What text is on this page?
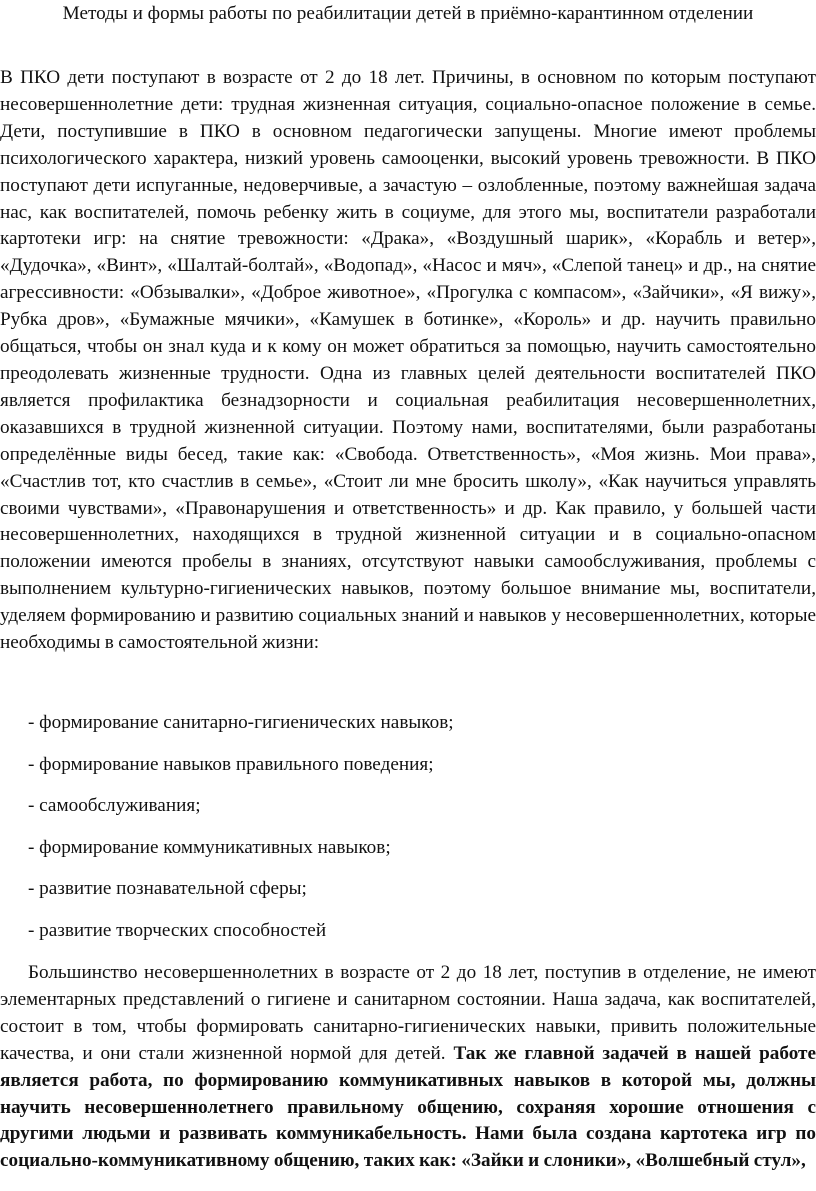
Методы и формы работы по реабилитации детей в приёмно-карантинном отделении
В ПКО дети поступают в возрасте от 2 до 18 лет. Причины, в основном по которым поступают несовершеннолетние дети: трудная жизненная ситуация, социально-опасное положение в семье. Дети, поступившие в ПКО в основном педагогически запущены. Многие имеют проблемы психологического характера, низкий уровень самооценки, высокий уровень тревожности. В ПКО поступают дети испуганные, недоверчивые, а зачастую – озлобленные, поэтому важнейшая задача нас, как воспитателей, помочь ребенку жить в социуме, для этого мы, воспитатели разработали картотеки игр: на снятие тревожности: «Драка», «Воздушный шарик», «Корабль и ветер», «Дудочка», «Винт», «Шалтай-болтай», «Водопад», «Насос и мяч», «Слепой танец» и др., на снятие агрессивности: «Обзывалки», «Доброе животное», «Прогулка с компасом», «Зайчики», «Я вижу», Рубка дров», «Бумажные мячики», «Камушек в ботинке», «Король» и др. научить правильно общаться, чтобы он знал куда и к кому он может обратиться за помощью, научить самостоятельно преодолевать жизненные трудности. Одна из главных целей деятельности воспитателей ПКО является профилактика безнадзорности и социальная реабилитация несовершеннолетних, оказавшихся в трудной жизненной ситуации. Поэтому нами, воспитателями, были разработаны определённые виды бесед, такие как: «Свобода. Ответственность», «Моя жизнь. Мои права», «Счастлив тот, кто счастлив в семье», «Стоит ли мне бросить школу», «Как научиться управлять своими чувствами», «Правонарушения и ответственность» и др. Как правило, у большей части несовершеннолетних, находящихся в трудной жизненной ситуации и в социально-опасном положении имеются пробелы в знаниях, отсутствуют навыки самообслуживания, проблемы с выполнением культурно-гигиенических навыков, поэтому большое внимание мы, воспитатели, уделяем формированию и развитию социальных знаний и навыков у несовершеннолетних, которые необходимы в самостоятельной жизни:
- формирование санитарно-гигиенических навыков;
- формирование навыков правильного поведения;
- самообслуживания;
- формирование коммуникативных навыков;
- развитие познавательной сферы;
- развитие творческих способностей
Большинство несовершеннолетних в возрасте от 2 до 18 лет, поступив в отделение, не имеют элементарных представлений о гигиене и санитарном состоянии. Наша задача, как воспитателей, состоит в том, чтобы формировать санитарно-гигиенических навыки, привить положительные качества, и они стали жизненной нормой для детей. Так же главной задачей в нашей работе является работа, по формированию коммуникативных навыков в которой мы, должны научить несовершеннолетнего правильному общению, сохраняя хорошие отношения с другими людьми и развивать коммуникабельность. Нами была создана картотека игр по социально-коммуникативному общению, таких как: «Зайки и слоники», «Волшебный стул»,
